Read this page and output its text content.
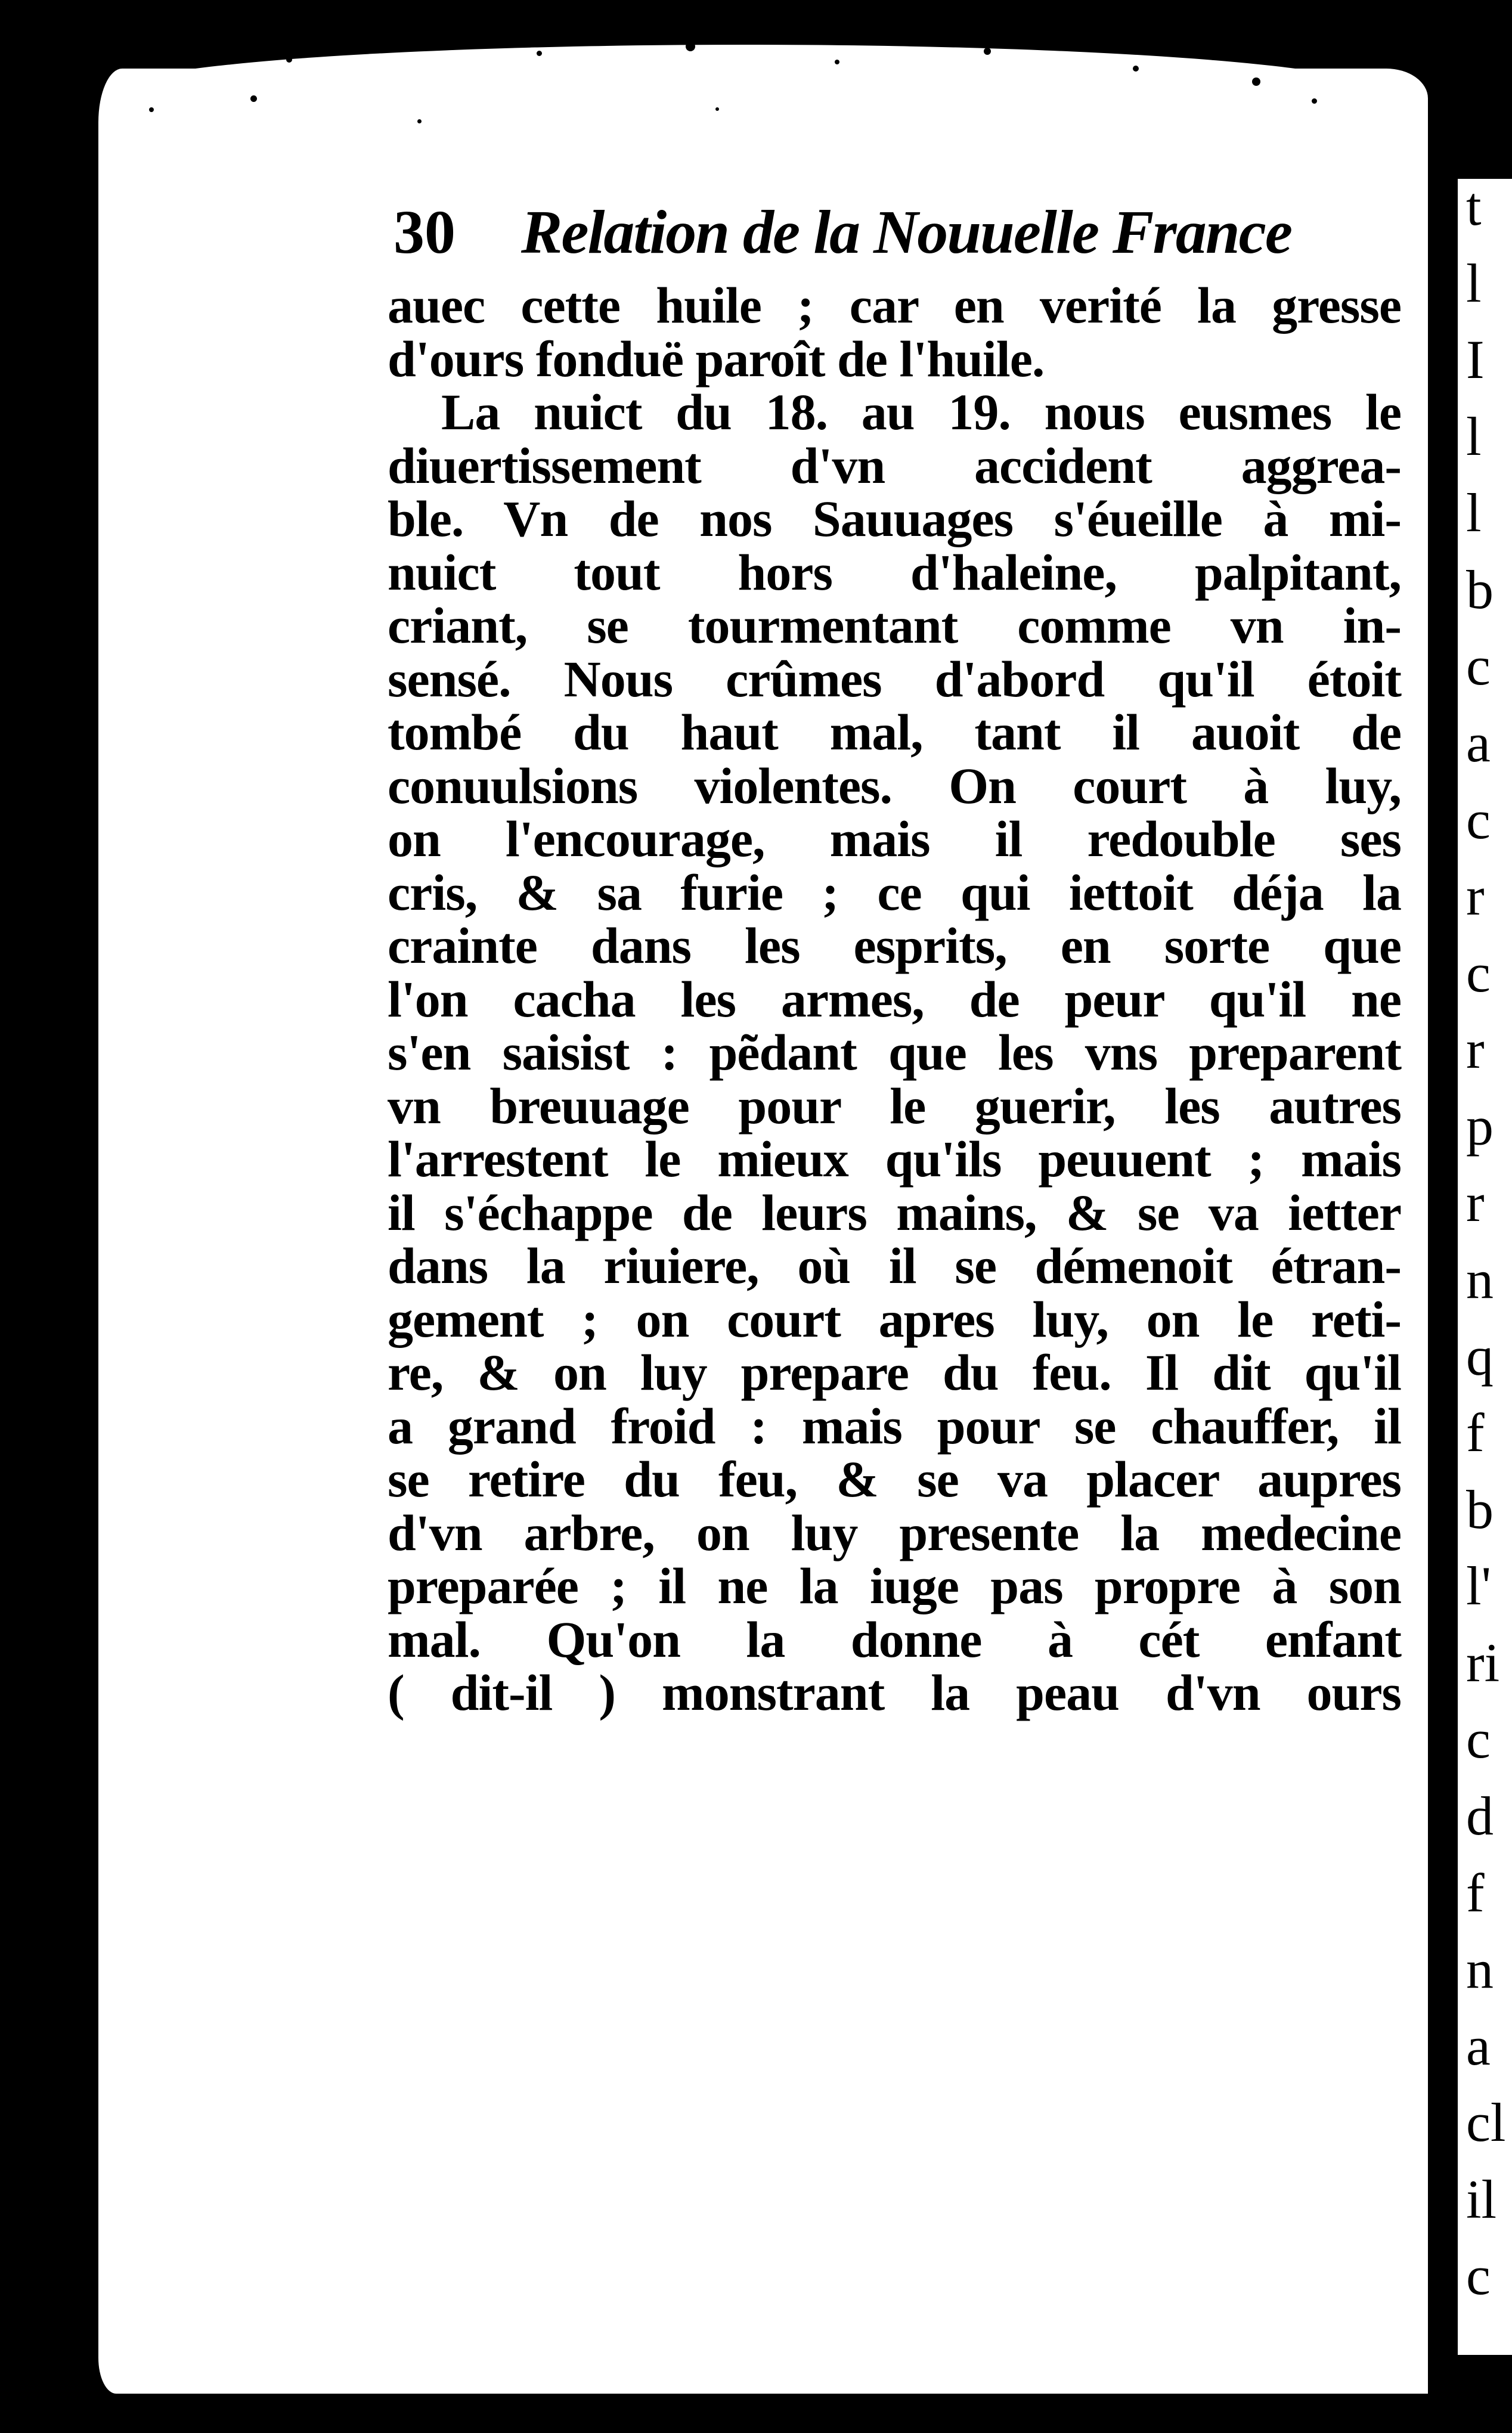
t
l
I
l
l
b
c
a
c
r
c
r
p
r
n
q
f
b
l'
ri
c
d
f
n
a
cl
il
c
30 Relation de la Nouuelle France
auec cette huile ; car en verité la gresse
d'ours fonduë paroît de l'huile.
La nuict du 18. au 19. nous eusmes le
diuertissement d'vn accident aggrea-
ble. Vn de nos Sauuages s'éueille à mi-
nuict tout hors d'haleine, palpitant,
criant, se tourmentant comme vn in-
sensé. Nous crûmes d'abord qu'il étoit
tombé du haut mal, tant il auoit de
conuulsions violentes. On court à luy,
on l'encourage, mais il redouble ses
cris, & sa furie ; ce qui iettoit déja la
crainte dans les esprits, en sorte que
l'on cacha les armes, de peur qu'il ne
s'en saisist : pẽdant que les vns preparent
vn breuuage pour le guerir, les autres
l'arrestent le mieux qu'ils peuuent ; mais
il s'échappe de leurs mains, & se va ietter
dans la riuiere, où il se démenoit étran-
gement ; on court apres luy, on le reti-
re, & on luy prepare du feu. Il dit qu'il
a grand froid : mais pour se chauffer, il
se retire du feu, & se va placer aupres
d'vn arbre, on luy presente la medecine
preparée ; il ne la iuge pas propre à son
mal. Qu'on la donne à cét enfant
( dit-il ) monstrant la peau d'vn ours
